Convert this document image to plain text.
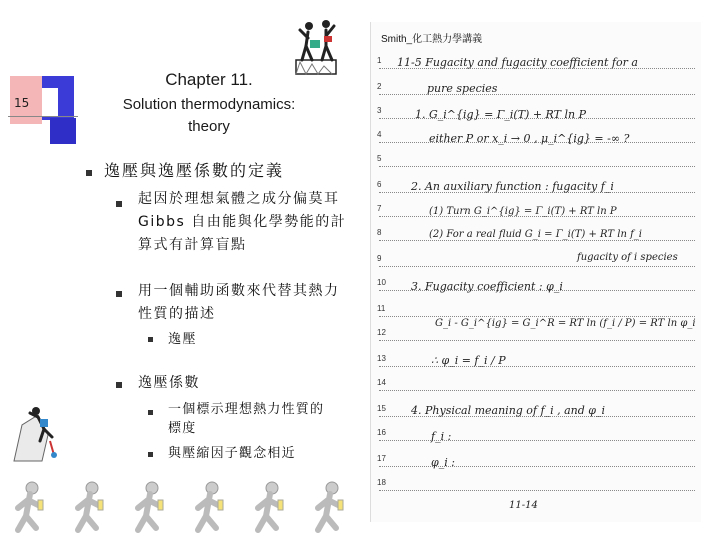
15
Chapter 11.
Solution thermodynamics:
theory
逸壓與逸壓係數的定義
起因於理想氣體之成分偏莫耳 Gibbs 自由能與化學勢能的計算式有計算盲點
用一個輔助函數來代替其熱力性質的描述
逸壓
逸壓係數
一個標示理想熱力性質的標度
與壓縮因子觀念相近
Smith_化工熱力學講義
1
2
3
4
5
6
7
8
9
10
11
12
13
14
15
16
17
18
11-5 Fugacity and fugacity coefficient for a
pure species
1. G_i^{ig} = Γ_i(T) + RT ln P
either P or x_i → 0 , μ_i^{ig} = -∞ ?
2. An auxiliary function : fugacity f_i
(1) Turn G_i^{ig} = Γ_i(T) + RT ln P
(2) For a real fluid G_i = Γ_i(T) + RT ln f_i
fugacity of i species
3. Fugacity coefficient : φ_i
G_i - G_i^{ig} = G_i^R = RT ln (f_i / P) = RT ln φ_i
∴ φ_i = f_i / P
4. Physical meaning of f_i , and φ_i
f_i :
φ_i :
11-14
